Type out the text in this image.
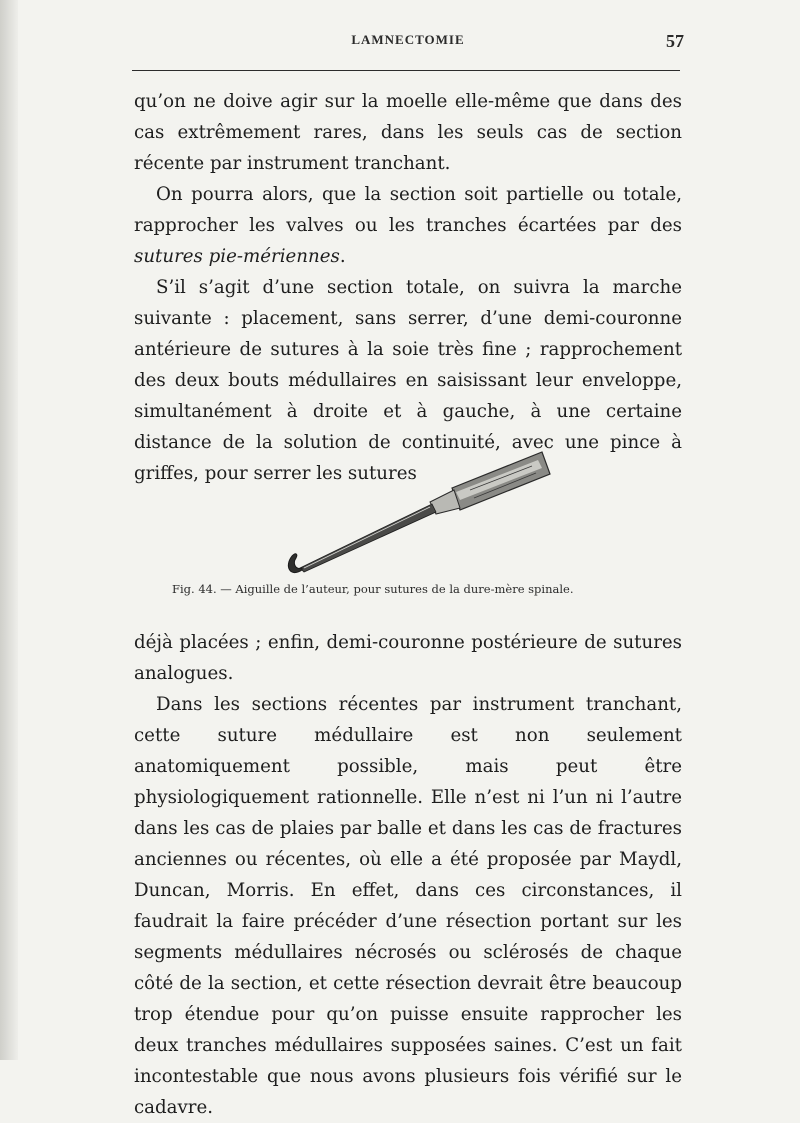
LAMNECTOMIE	57

qu’on ne doive agir sur la moelle elle-même que dans des cas extrêmement rares, dans les seuls cas de section récente par instrument tranchant.

On pourra alors, que la section soit partielle ou totale, rapprocher les valves ou les tranches écartées par des sutures pie-mériennes.

S’il s’agit d’une section totale, on suivra la marche suivante : placement, sans serrer, d’une demi-couronne antérieure de sutures à la soie très fine ; rapprochement des deux bouts médullaires en saisissant leur enveloppe, simultanément à droite et à gauche, à une certaine distance de la solution de continuité, avec une pince à griffes, pour serrer les sutures

Fig. 44. — Aiguille de l’auteur, pour sutures de la dure-mère spinale.

déjà placées ; enfin, demi-couronne postérieure de sutures analogues.

Dans les sections récentes par instrument tranchant, cette suture médullaire est non seulement anatomiquement possible, mais peut être physiologiquement rationnelle. Elle n’est ni l’un ni l’autre dans les cas de plaies par balle et dans les cas de fractures anciennes ou récentes, où elle a été proposée par Maydl, Duncan, Morris. En effet, dans ces circonstances, il faudrait la faire précéder d’une résection portant sur les segments médullaires nécrosés ou sclérosés de chaque côté de la section, et cette résection devrait être beaucoup trop étendue pour qu’on puisse ensuite rapprocher les deux tranches médullaires supposées saines. C’est un fait incontestable que nous avons plusieurs fois vérifié sur le cadavre.
